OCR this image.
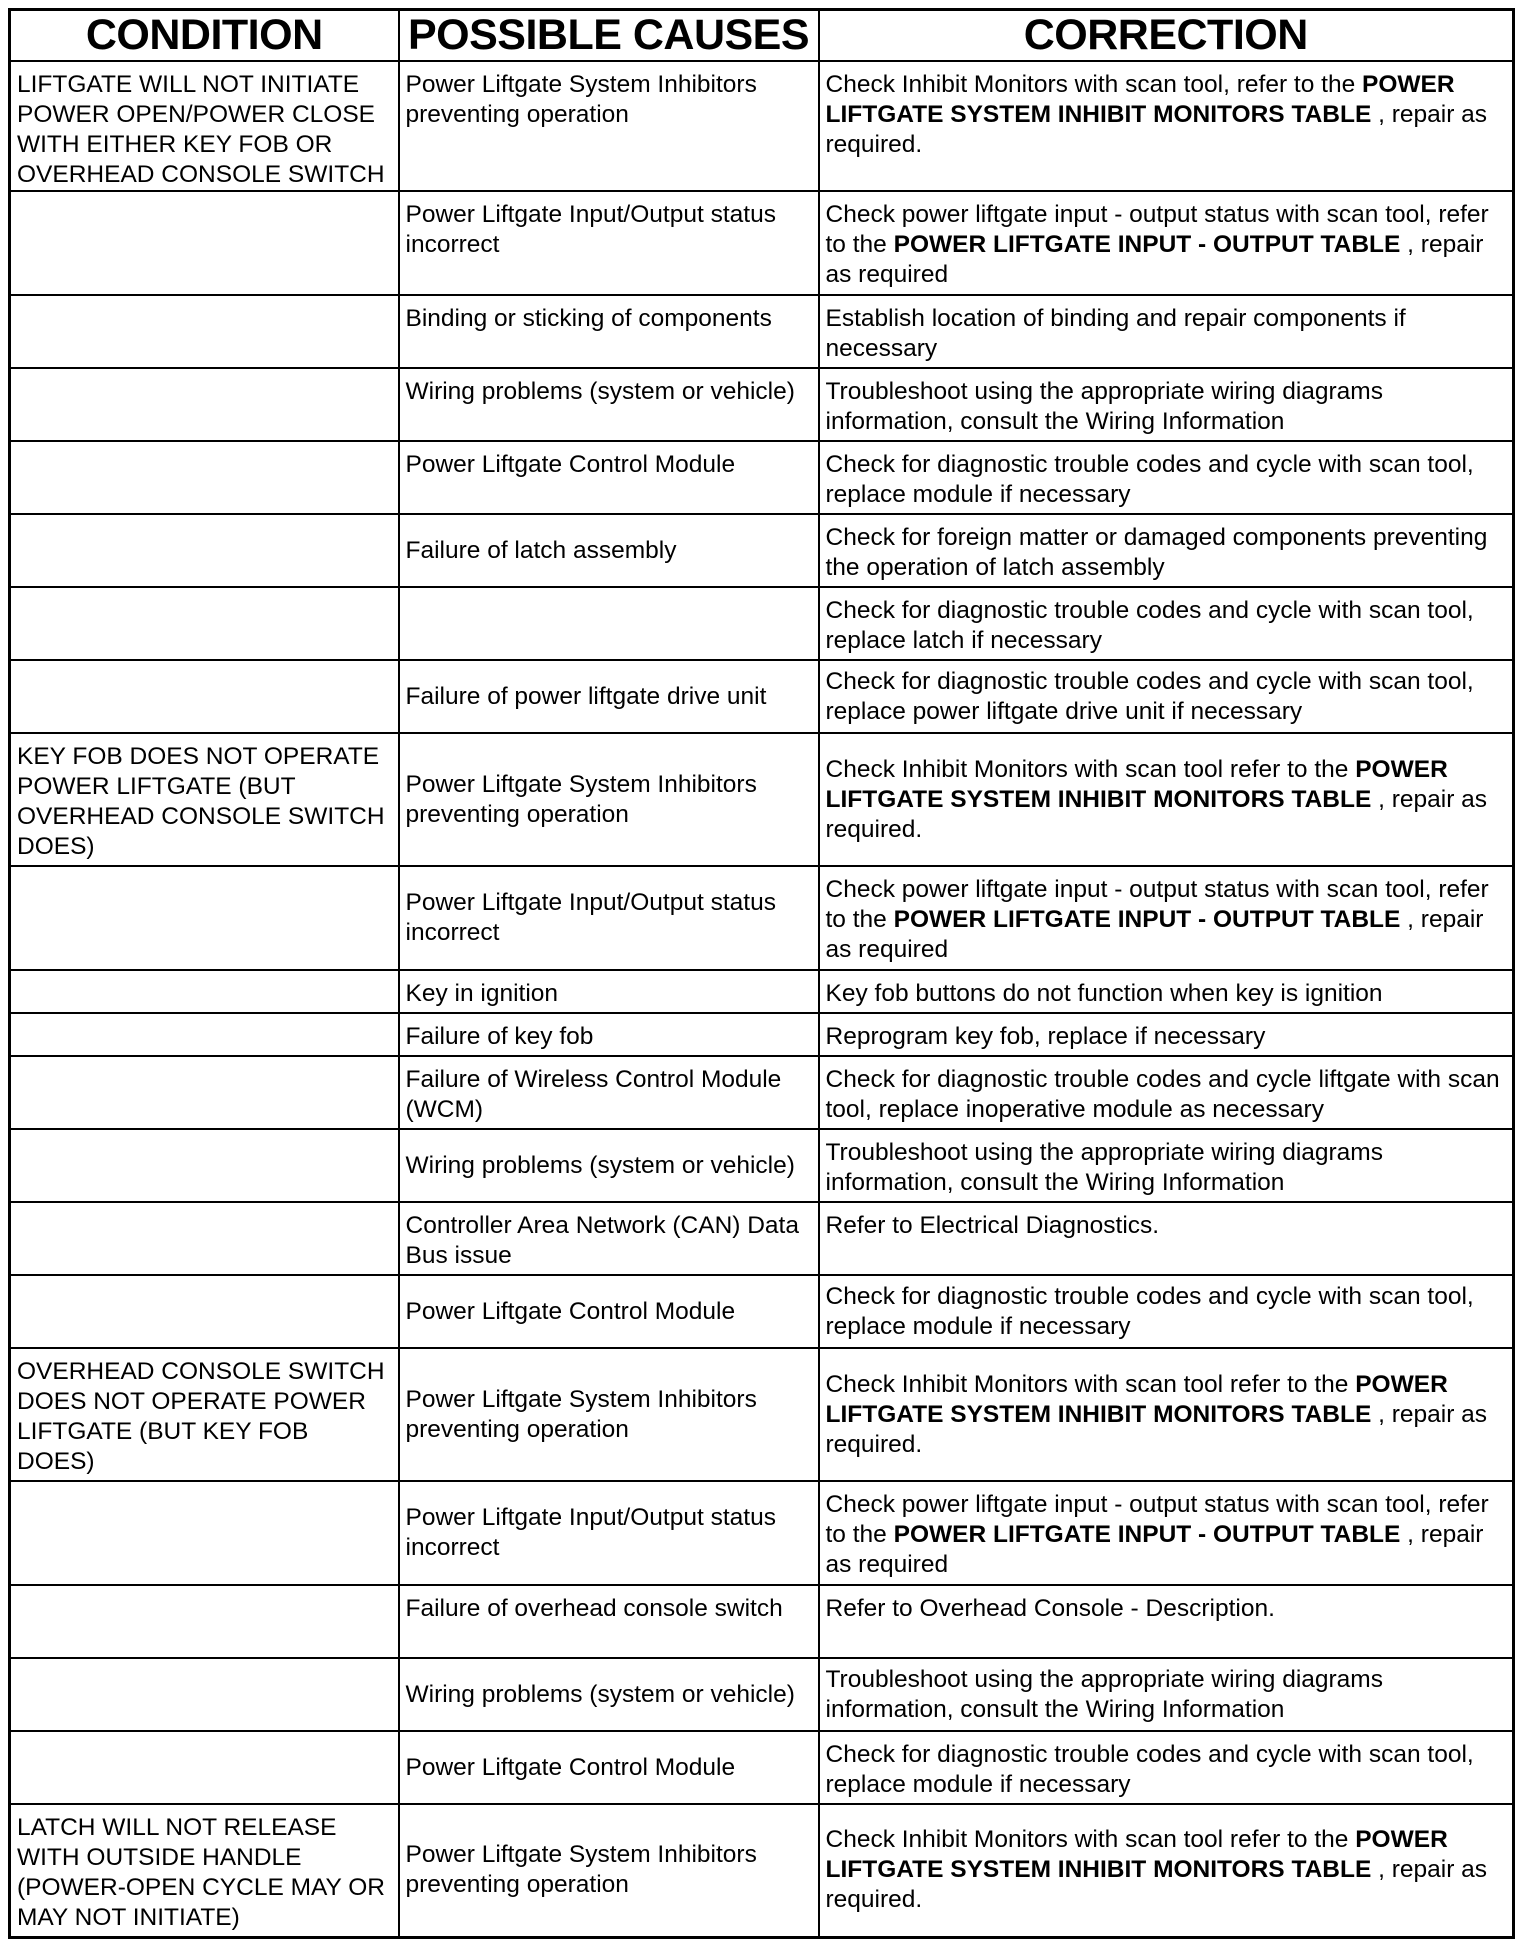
CONDITION	POSSIBLE CAUSES	CORRECTION
LIFTGATE WILL NOT INITIATE POWER OPEN/POWER CLOSE WITH EITHER KEY FOB OR OVERHEAD CONSOLE SWITCH	Power Liftgate System Inhibitors preventing operation	Check Inhibit Monitors with scan tool, refer to the POWER LIFTGATE SYSTEM INHIBIT MONITORS TABLE , repair as required.
	Power Liftgate Input/Output status incorrect	Check power liftgate input - output status with scan tool, refer to the POWER LIFTGATE INPUT - OUTPUT TABLE , repair as required
	Binding or sticking of components	Establish location of binding and repair components if necessary
	Wiring problems (system or vehicle)	Troubleshoot using the appropriate wiring diagrams information, consult the Wiring Information
	Power Liftgate Control Module	Check for diagnostic trouble codes and cycle with scan tool, replace module if necessary
	Failure of latch assembly	Check for foreign matter or damaged components preventing the operation of latch assembly
		Check for diagnostic trouble codes and cycle with scan tool, replace latch if necessary
	Failure of power liftgate drive unit	Check for diagnostic trouble codes and cycle with scan tool, replace power liftgate drive unit if necessary
KEY FOB DOES NOT OPERATE POWER LIFTGATE (BUT OVERHEAD CONSOLE SWITCH DOES)	Power Liftgate System Inhibitors preventing operation	Check Inhibit Monitors with scan tool refer to the POWER LIFTGATE SYSTEM INHIBIT MONITORS TABLE , repair as required.
	Power Liftgate Input/Output status incorrect	Check power liftgate input - output status with scan tool, refer to the POWER LIFTGATE INPUT - OUTPUT TABLE , repair as required
	Key in ignition	Key fob buttons do not function when key is ignition
	Failure of key fob	Reprogram key fob, replace if necessary
	Failure of Wireless Control Module (WCM)	Check for diagnostic trouble codes and cycle liftgate with scan tool, replace inoperative module as necessary
	Wiring problems (system or vehicle)	Troubleshoot using the appropriate wiring diagrams information, consult the Wiring Information
	Controller Area Network (CAN) Data Bus issue	Refer to Electrical Diagnostics.
	Power Liftgate Control Module	Check for diagnostic trouble codes and cycle with scan tool, replace module if necessary
OVERHEAD CONSOLE SWITCH DOES NOT OPERATE POWER LIFTGATE (BUT KEY FOB DOES)	Power Liftgate System Inhibitors preventing operation	Check Inhibit Monitors with scan tool refer to the POWER LIFTGATE SYSTEM INHIBIT MONITORS TABLE , repair as required.
	Power Liftgate Input/Output status incorrect	Check power liftgate input - output status with scan tool, refer to the POWER LIFTGATE INPUT - OUTPUT TABLE , repair as required
	Failure of overhead console switch	Refer to Overhead Console - Description.
	Wiring problems (system or vehicle)	Troubleshoot using the appropriate wiring diagrams information, consult the Wiring Information
	Power Liftgate Control Module	Check for diagnostic trouble codes and cycle with scan tool, replace module if necessary
LATCH WILL NOT RELEASE WITH OUTSIDE HANDLE (POWER-OPEN CYCLE MAY OR MAY NOT INITIATE)	Power Liftgate System Inhibitors preventing operation	Check Inhibit Monitors with scan tool refer to the POWER LIFTGATE SYSTEM INHIBIT MONITORS TABLE , repair as required.
